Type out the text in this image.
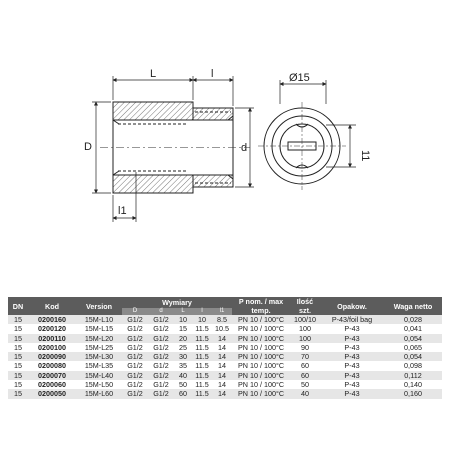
L	l
D	d
l1
Ø15
11
DN	Kod	Version	Wymiary					P nom. / max temp.	Ilość szt.	Opakow.	Waga netto
			D	d	L	l	l1				
15	0200160	15M-L10	G1/2	G1/2	10	10	8.5	PN 10 / 100°C	100/10	P-43/foil bag	0,028
15	0200120	15M-L15	G1/2	G1/2	15	11.5	10.5	PN 10 / 100°C	100	P-43	0,041
15	0200110	15M-L20	G1/2	G1/2	20	11.5	14	PN 10 / 100°C	100	P-43	0,054
15	0200100	15M-L25	G1/2	G1/2	25	11.5	14	PN 10 / 100°C	90	P-43	0,065
15	0200090	15M-L30	G1/2	G1/2	30	11.5	14	PN 10 / 100°C	70	P-43	0,054
15	0200080	15M-L35	G1/2	G1/2	35	11.5	14	PN 10 / 100°C	60	P-43	0,098
15	0200070	15M-L40	G1/2	G1/2	40	11.5	14	PN 10 / 100°C	60	P-43	0,112
15	0200060	15M-L50	G1/2	G1/2	50	11.5	14	PN 10 / 100°C	50	P-43	0,140
15	0200050	15M-L60	G1/2	G1/2	60	11.5	14	PN 10 / 100°C	40	P-43	0,160
